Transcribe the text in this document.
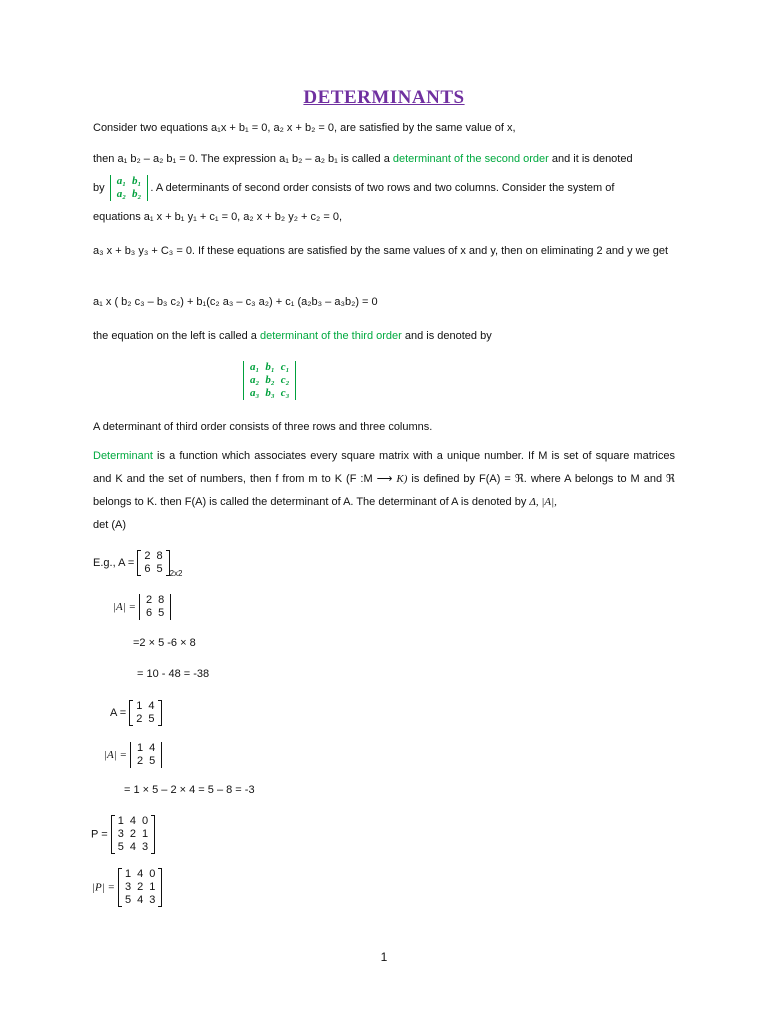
DETERMINANTS
Consider two equations a₁x + b₁ = 0, a₂ x + b₂ = 0, are satisfied by the same value of x,
then a₁ b₂ – a₂ b₁ = 0. The expression a₁ b₂ – a₂ b₁ is called a determinant of the second order and it is denoted
by
a₁ b₁
a₂ b₂
. A determinants of second order consists of two rows and two columns. Consider the system of
equations a₁ x + b₁ y₁ + c₁ = 0, a₂ x + b₂ y₂ + c₂ = 0,
a₃ x + b₃ y₃ + C₃ = 0. If these equations are satisfied by the same values of x and y, then on eliminating 2 and y we get
a₁ x ( b₂ c₃ – b₃ c₂) + b₁(c₂ a₃ – c₃ a₂) + c₁ (a₂b₃ – a₃b₂) = 0
the equation on the left is called a determinant of the third order and is denoted by
a₁ b₁ c₁
a₂ b₂ c₂
a₃ b₃ c₃
A determinant of third order consists of three rows and three columns.
Determinant is a function which associates every square matrix with a unique number. If M is set of square matrices and K and the set of numbers, then f from m to K (F :M ⟶ K) is defined by F(A) = ℜ. where A belongs to M and ℜ belongs to K. then F(A) is called the determinant of A. The determinant of A is denoted by Δ, |A|,
det (A)
E.g., A =
2 8
6 5 $_{2x2}$
|A| =
2 8
6 5
=2 × 5 -6 × 8
= 10 - 48 = -38
A =
1 4
2 5
|A| =
1 4
2 5
= 1 × 5 – 2 × 4 = 5 – 8 = -3
P =
1 4 0
3 2 1
5 4 3
|P| =
1 4 0
3 2 1
5 4 3
1
